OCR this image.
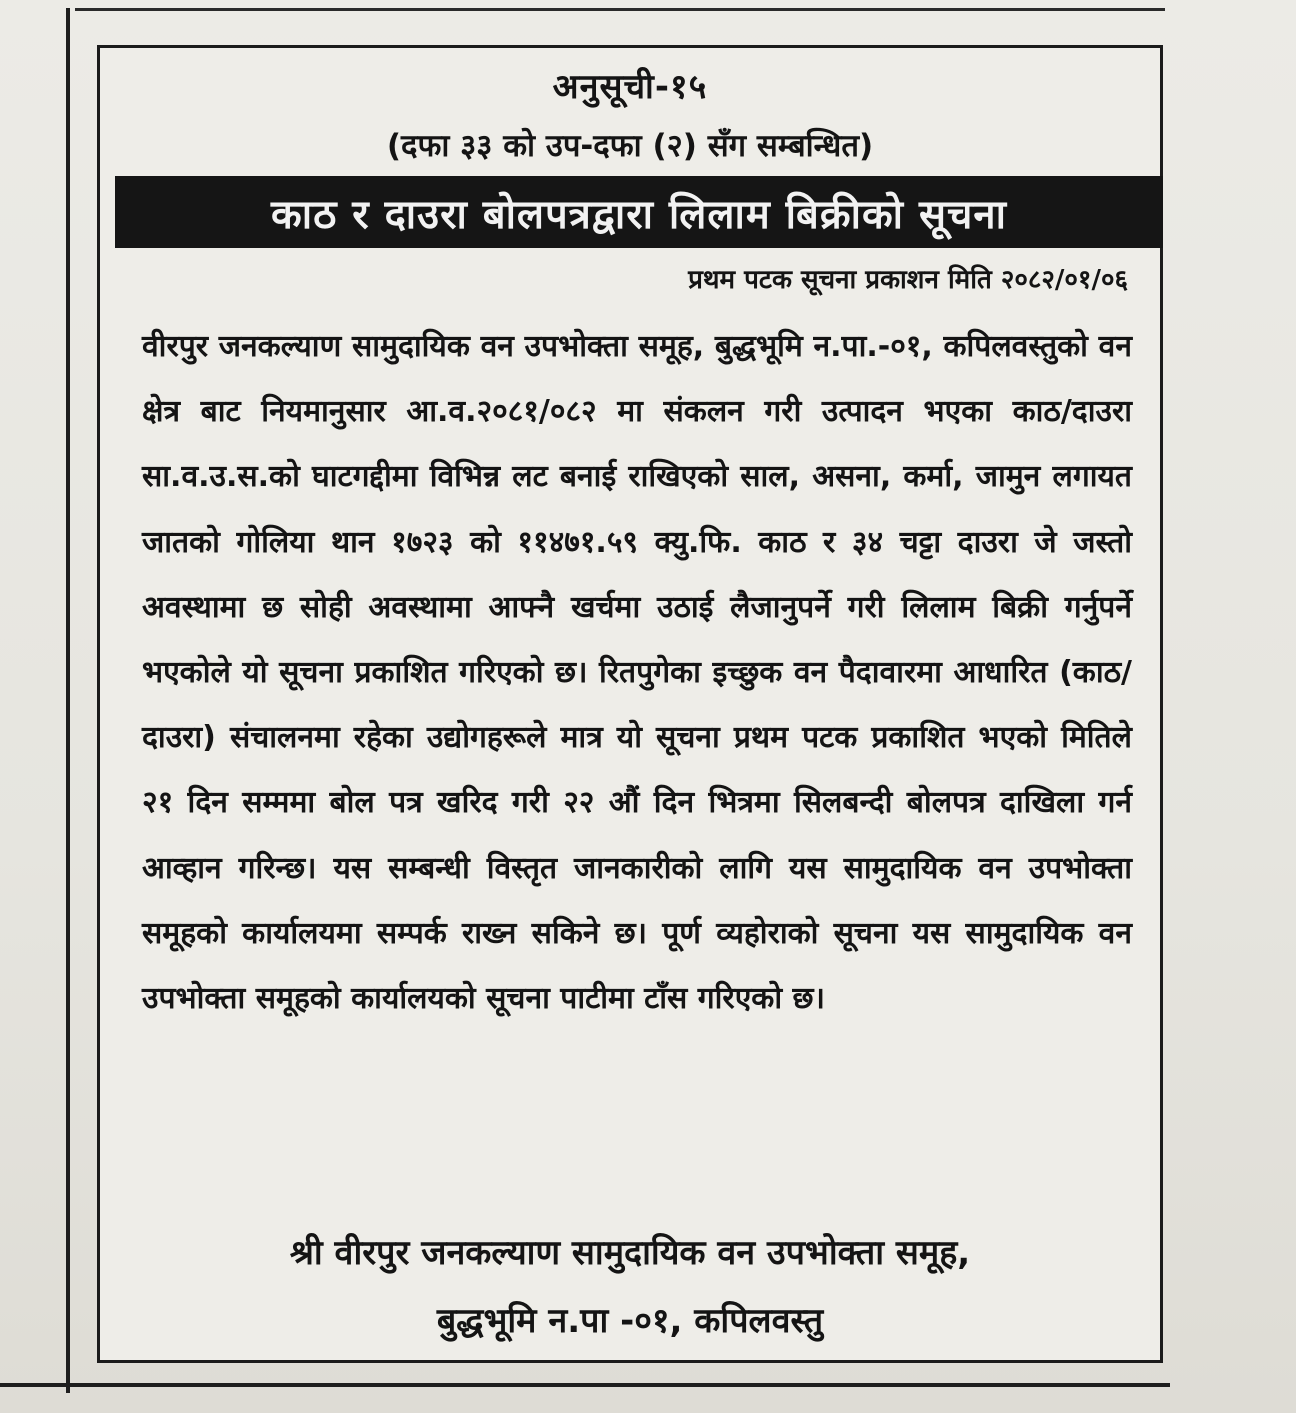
अनुसूची-१५
(दफा ३३ को उप-दफा (२) सँग सम्बन्धित)
काठ र दाउरा बोलपत्रद्वारा लिलाम बिक्रीको सूचना
प्रथम पटक सूचना प्रकाशन मिति २०८२/०१/०६

वीरपुर जनकल्याण सामुदायिक वन उपभोक्ता समूह, बुद्धभूमि न.पा.-०१, कपिलवस्तुको वन क्षेत्र बाट नियमानुसार आ.व.२०८१/०८२ मा संकलन गरी उत्पादन भएका काठ/दाउरा सा.व.उ.स.को घाटगद्दीमा विभिन्न लट बनाई राखिएको साल, असना, कर्मा, जामुन लगायत जातको गोलिया थान १७२३ को ११४७१.५९ क्यु.फि. काठ र ३४ चट्टा दाउरा जे जस्तो अवस्थामा छ सोही अवस्थामा आफ्नै खर्चमा उठाई लैजानुपर्ने गरी लिलाम बिक्री गर्नुपर्ने भएकोले यो सूचना प्रकाशित गरिएको छ। रितपुगेका इच्छुक वन पैदावारमा आधारित (काठ/दाउरा) संचालनमा रहेका उद्योगहरूले मात्र यो सूचना प्रथम पटक प्रकाशित भएको मितिले २१ दिन सम्ममा बोल पत्र खरिद गरी २२ औं दिन भित्रमा सिलबन्दी बोलपत्र दाखिला गर्न आव्हान गरिन्छ। यस सम्बन्धी विस्तृत जानकारीको लागि यस सामुदायिक वन उपभोक्ता समूहको कार्यालयमा सम्पर्क राख्न सकिने छ। पूर्ण व्यहोराको सूचना यस सामुदायिक वन उपभोक्ता समूहको कार्यालयको सूचना पाटीमा टाँस गरिएको छ।

श्री वीरपुर जनकल्याण सामुदायिक वन उपभोक्ता समूह,
बुद्धभूमि न.पा -०१, कपिलवस्तु
